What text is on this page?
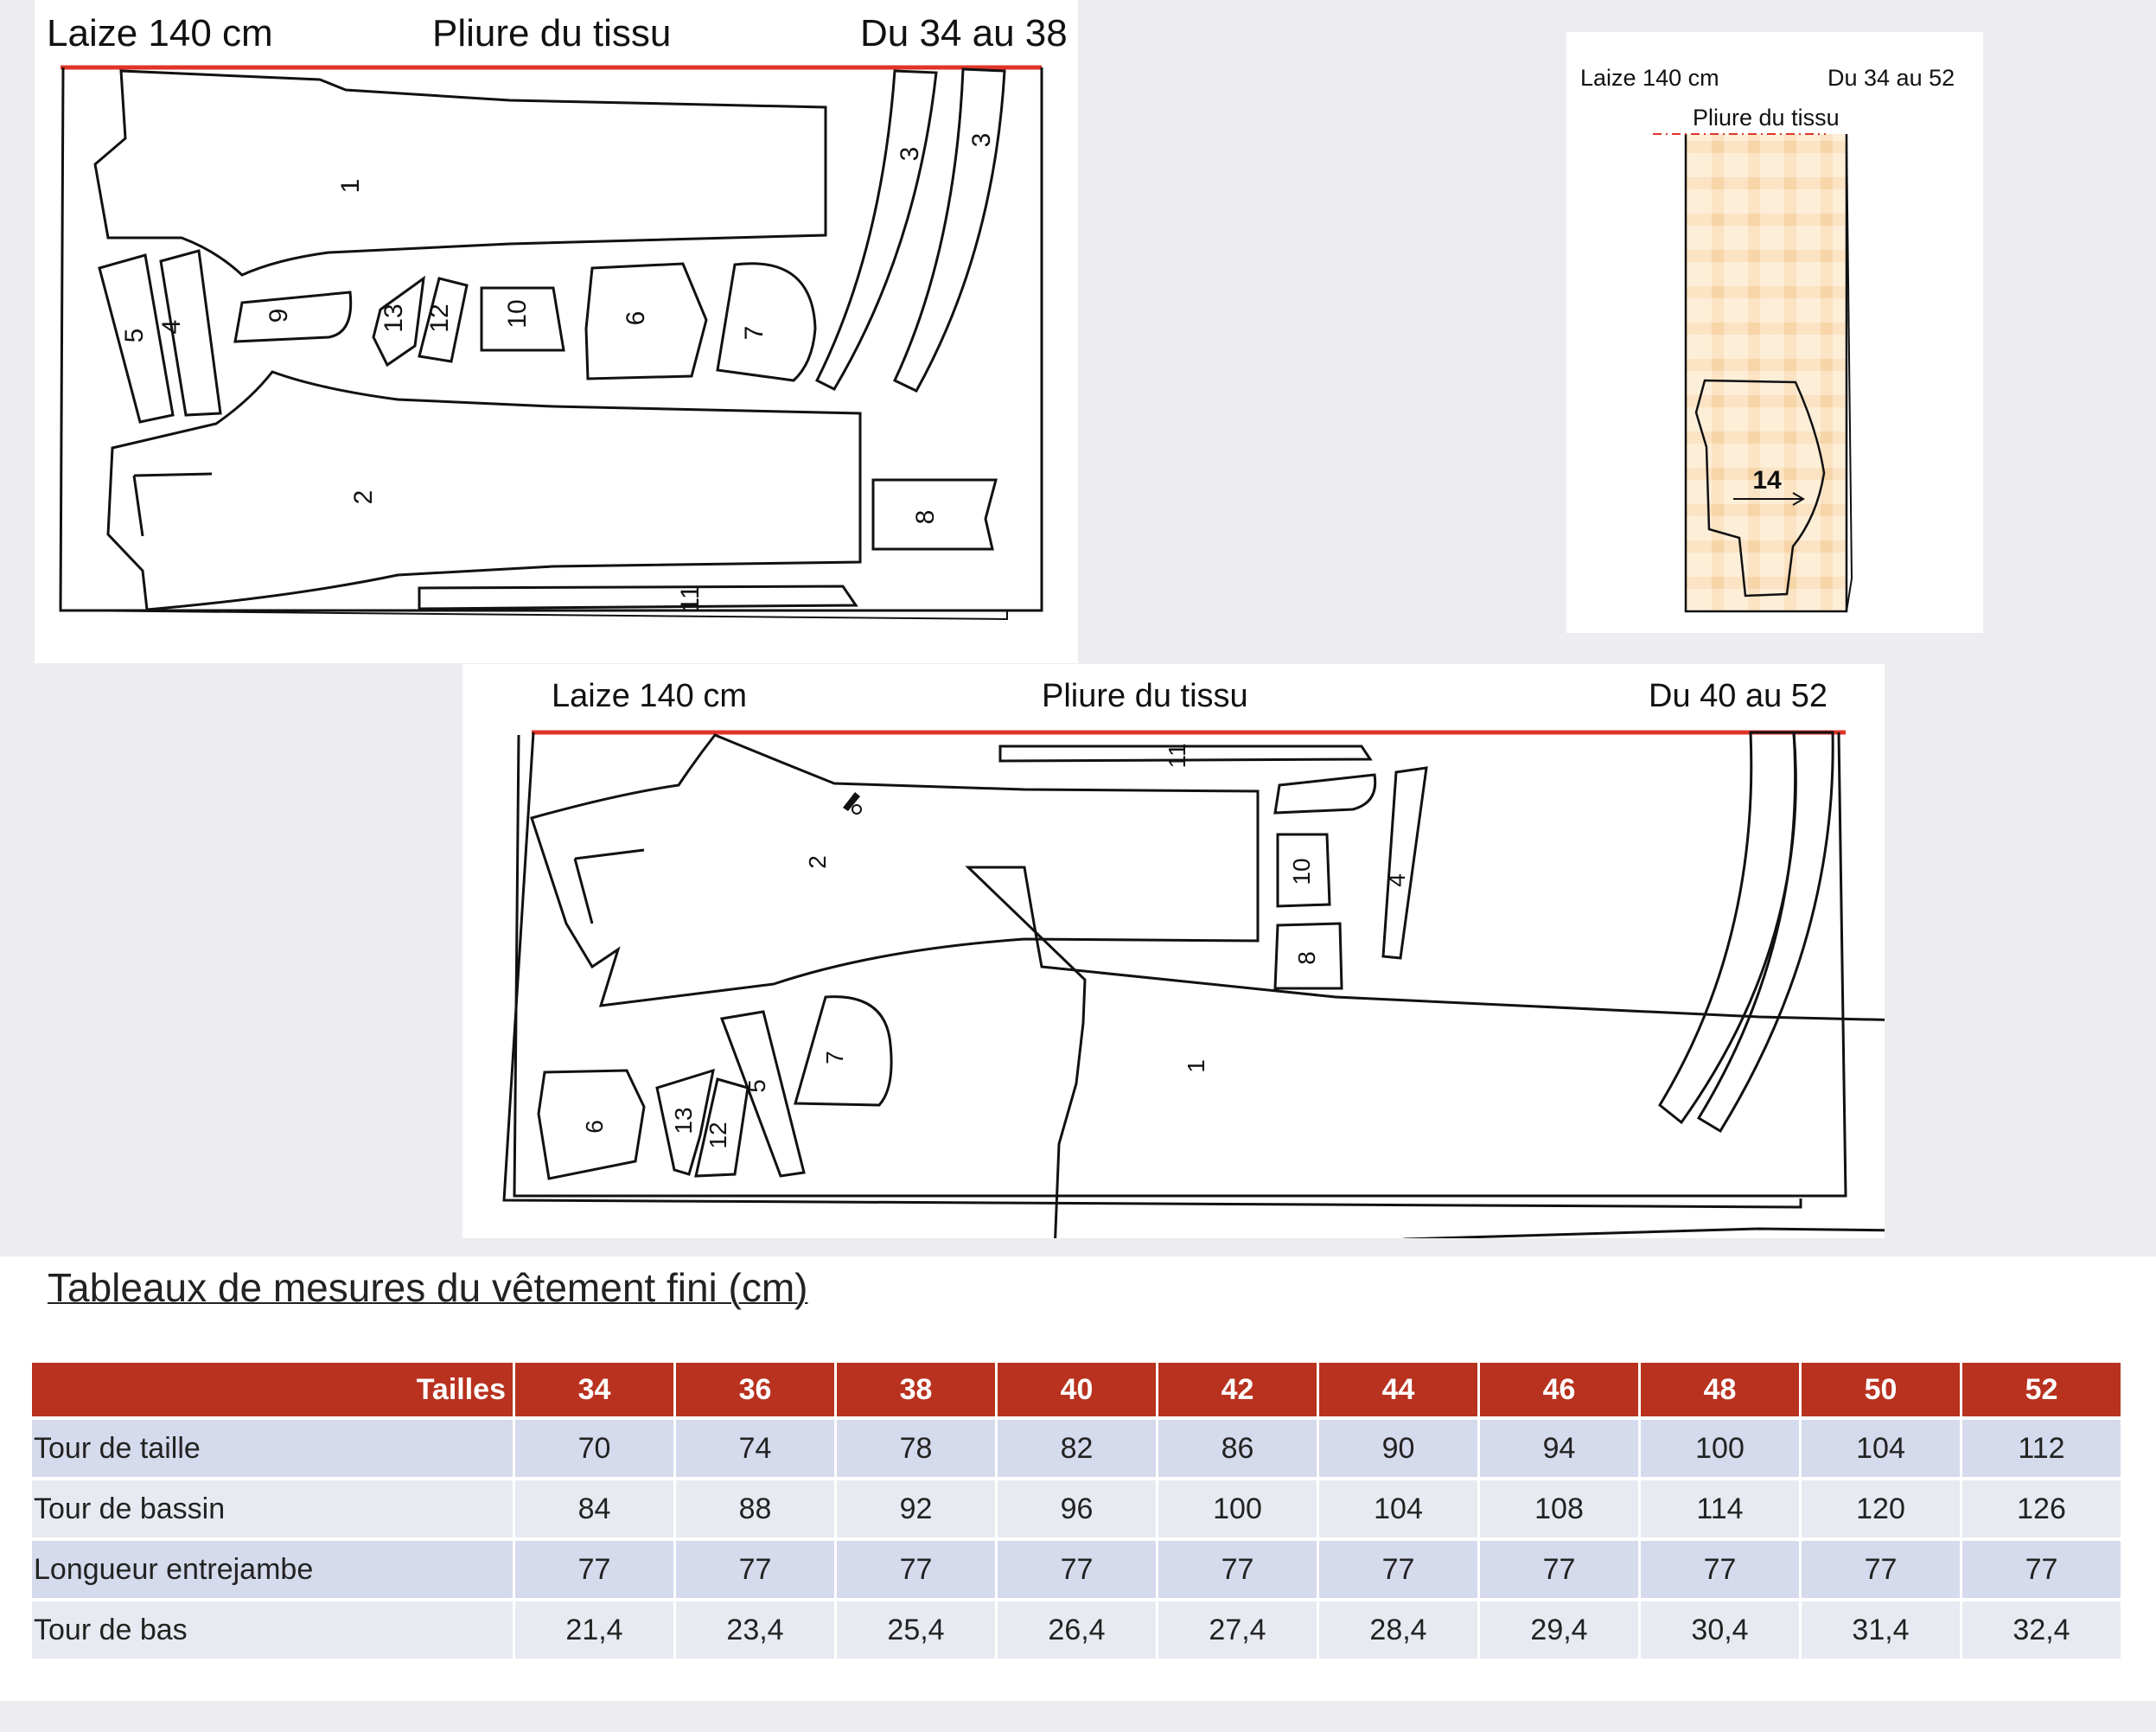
Laize 140 cm	Pliure du tissu	Du 34 au 38
1
2
3
3
4
5
6
7
8
9	10
11
12
13
Laize 140 cm	Du 34 au 52
Pliure du tissu
14
Laize 140 cm	Pliure du tissu	Du 40 au 52
2
11
10
8
4
6	13
12
5
7
1
Tableaux de mesures du vêtement fini (cm)
Tailles	34	36	38	40	42	44	46	48	50	52
Tour de taille	70	74	78	82	86	90	94	100	104	112
Tour de bassin	84	88	92	96	100	104	108	114	120	126
Longueur entrejambe	77	77	77	77	77	77	77	77	77	77
Tour de bas	21,4	23,4	25,4	26,4	27,4	28,4	29,4	30,4	31,4	32,4
